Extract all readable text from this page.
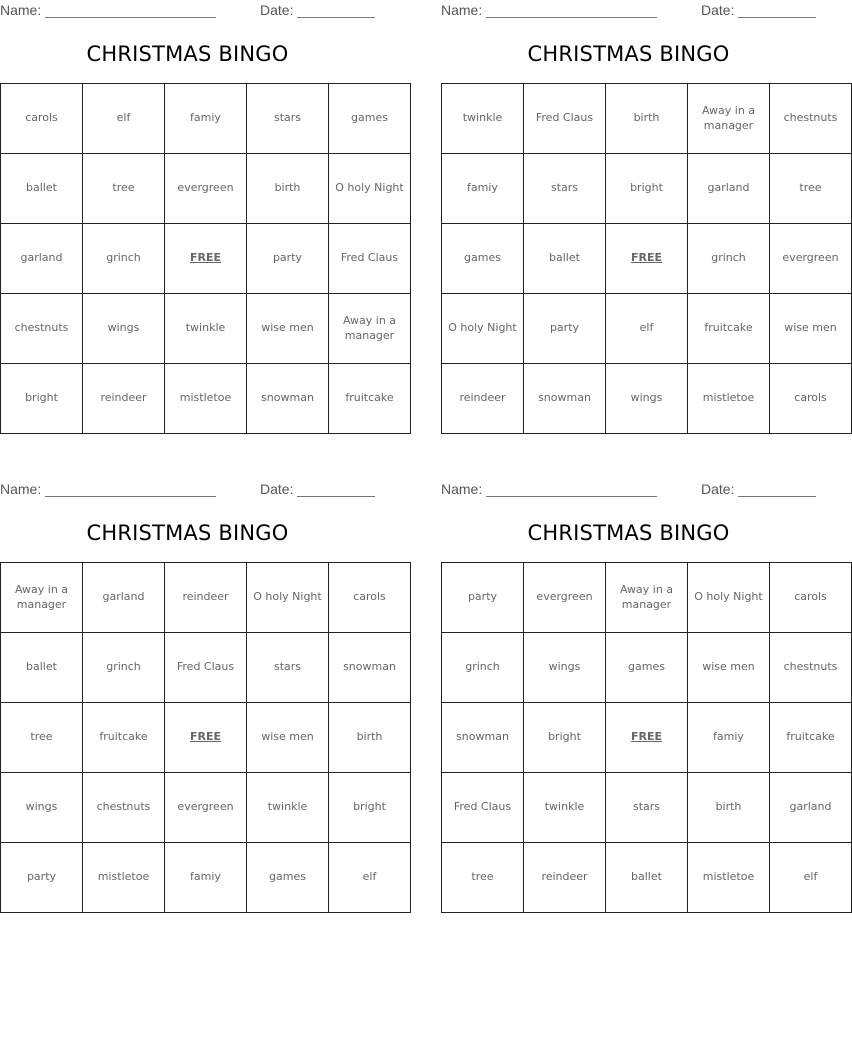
Name:	Date:
CHRISTMAS BINGO
carols	elf	famiy	stars	games
ballet	tree	evergreen	birth	O holy Night
garland	grinch	FREE	party	Fred Claus
chestnuts	wings	twinkle	wise men	Away in a manager
bright	reindeer	mistletoe	snowman	fruitcake
Name:	Date:
CHRISTMAS BINGO
twinkle	Fred Claus	birth	Away in a manager	chestnuts
famiy	stars	bright	garland	tree
games	ballet	FREE	grinch	evergreen
O holy Night	party	elf	fruitcake	wise men
reindeer	snowman	wings	mistletoe	carols
Name:	Date:
CHRISTMAS BINGO
Away in a manager	garland	reindeer	O holy Night	carols
ballet	grinch	Fred Claus	stars	snowman
tree	fruitcake	FREE	wise men	birth
wings	chestnuts	evergreen	twinkle	bright
party	mistletoe	famiy	games	elf
Name:	Date:
CHRISTMAS BINGO
party	evergreen	Away in a manager	O holy Night	carols
grinch	wings	games	wise men	chestnuts
snowman	bright	FREE	famiy	fruitcake
Fred Claus	twinkle	stars	birth	garland
tree	reindeer	ballet	mistletoe	elf
